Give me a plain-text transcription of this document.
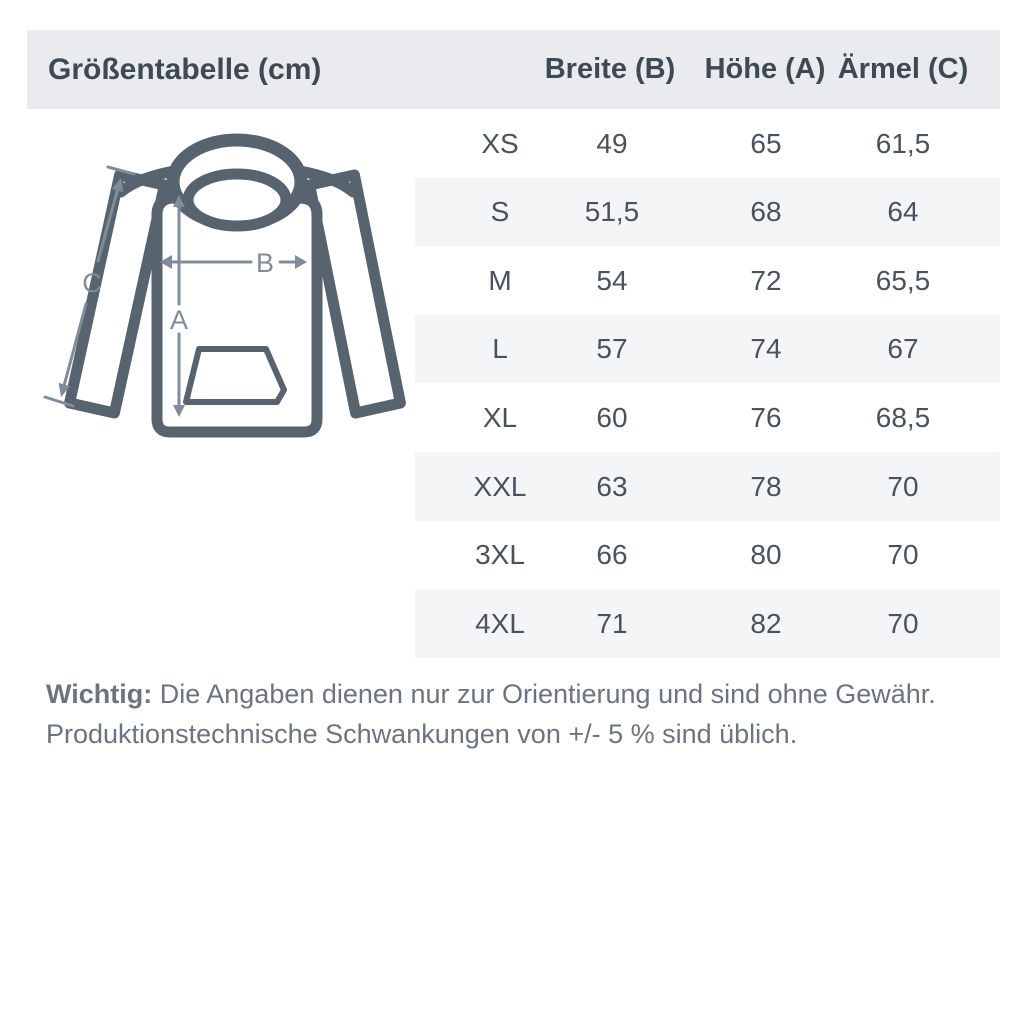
Größentabelle (cm)	Breite (B) Höhe (A) Ärmel (C)
A
B
C
XS	49	65	61,5
S	51,5	68	64
M	54	72	65,5
L	57	74	67
XL	60	76	68,5
XXL 63	78	70
3XL	66	80	70
4XL	71	82	70
Wichtig: Die Angaben dienen nur zur Orientierung und sind ohne Gewähr.
Produktionstechnische Schwankungen von +/- 5 % sind üblich.
